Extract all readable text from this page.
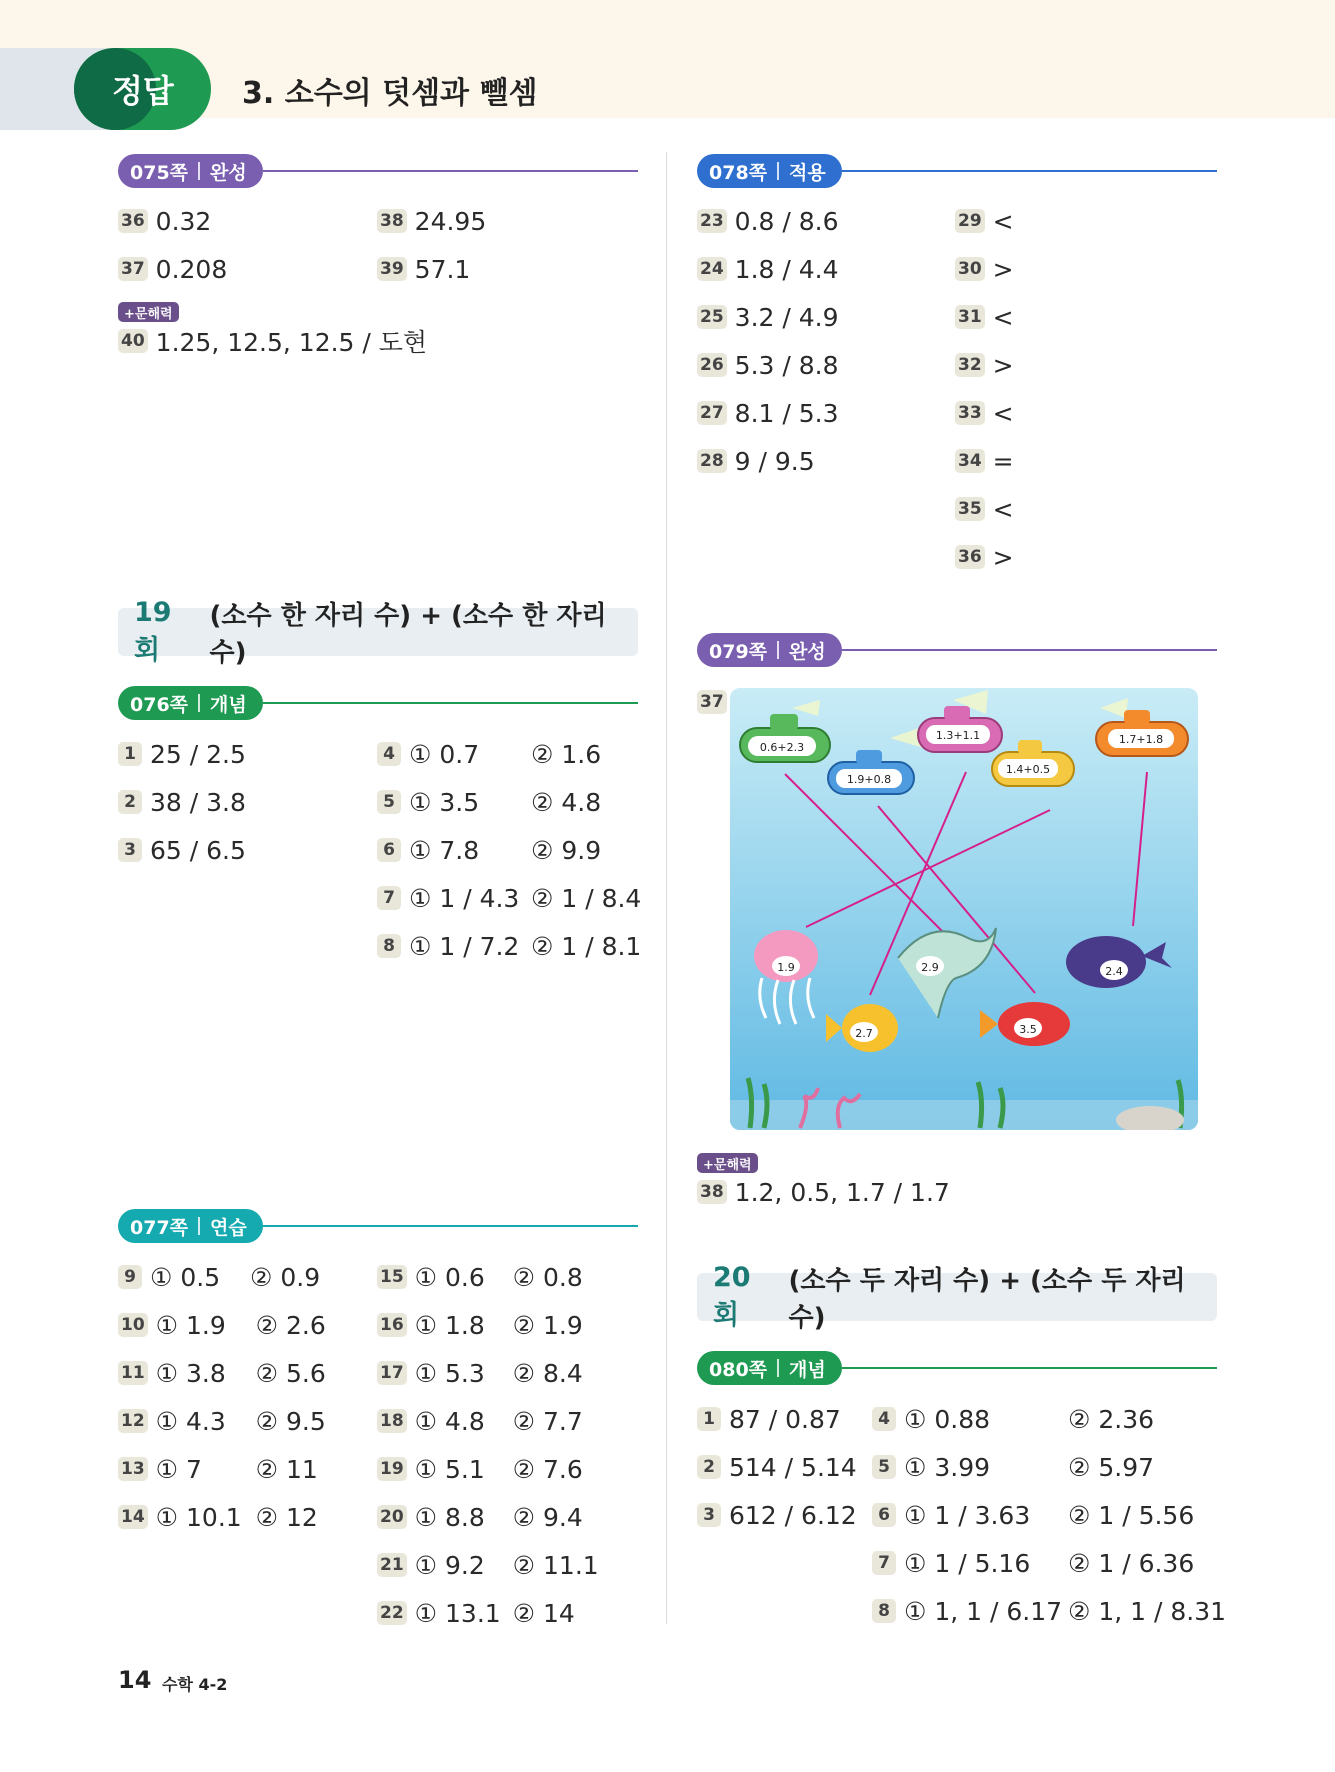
정답 3. 소수의 덧셈과 뺄셈
075쪽 완성
36 0.32
37 0.208
38 24.95
39 57.1
+문해력
40 1.25, 12.5, 12.5 / 도현
19회
(소수 한 자리 수) + (소수 한 자리 수)
076쪽 개념
1 25 / 2.5
2 38 / 3.8
3 65 / 6.5
4 ① 0.7	② 1.6
5 ① 3.5	② 4.8
6 ① 7.8	② 9.9
7 ① 1 / 4.3 ② 1 / 8.4
8 ① 1 / 7.2 ② 1 / 8.1
077쪽 연습
9 ① 0.5	② 0.9
10 ① 1.9	② 2.6
11 ① 3.8	② 5.6
12 ① 4.3	② 9.5
13 ① 7	② 11
14 ① 10.1 ② 12
15 ① 0.6	② 0.8
16 ① 1.8	② 1.9
17 ① 5.3	② 8.4
18 ① 4.8	② 7.7
19 ① 5.1	② 7.6
20 ① 8.8	② 9.4
21 ① 9.2	② 11.1
22 ① 13.1 ② 14
078쪽 적용
23 0.8 / 8.6
24 1.8 / 4.4
25 3.2 / 4.9
26 5.3 / 8.8
27 8.1 / 5.3
28 9 / 9.5
29 <
30 >
31 <
32 >
33 <
34 =
35 <
36 >
079쪽 완성
37
0.6+2.3
1.9+0.8
1.3+1.1
1.4+0.5
1.7+1.8
1.9	2.9	2.4
2.7	3.5
+문해력
38 1.2, 0.5, 1.7 / 1.7
20회
(소수 두 자리 수) + (소수 두 자리 수)
080쪽 개념
1 87 / 0.87
2 514 / 5.14
3 612 / 6.12
4 ① 0.88	② 2.36
5 ① 3.99	② 5.97
6 ① 1 / 3.63	② 1 / 5.56
7 ① 1 / 5.16	② 1 / 6.36
8 ① 1, 1 / 6.17 ② 1, 1 / 8.31
14 수학 4-2
